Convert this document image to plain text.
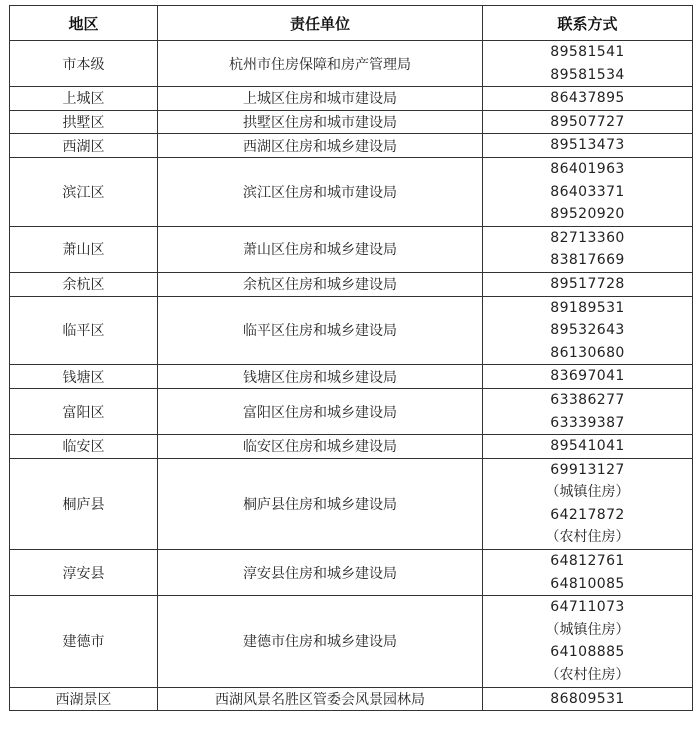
地区	责任单位	联系方式
市本级	杭州市住房保障和房产管理局	89581541
89581534

上城区	上城区住房和城市建设局	86437895

拱墅区	拱墅区住房和城市建设局	89507727

西湖区	西湖区住房和城乡建设局	89513473

滨江区	滨江区住房和城市建设局	86401963
86403371
89520920

萧山区	萧山区住房和城乡建设局	82713360
83817669

余杭区	余杭区住房和城乡建设局	89517728

临平区	临平区住房和城乡建设局	89189531
89532643
86130680

钱塘区	钱塘区住房和城乡建设局	83697041

富阳区	富阳区住房和城乡建设局	63386277
63339387

临安区	临安区住房和城乡建设局	89541041

桐庐县	桐庐县住房和城乡建设局	69913127
（城镇住房）
64217872
（农村住房）

淳安县	淳安县住房和城乡建设局	64812761
64810085

建德市	建德市住房和城乡建设局	64711073
（城镇住房）
64108885
（农村住房）

西湖景区	西湖风景名胜区管委会风景园林局	86809531
